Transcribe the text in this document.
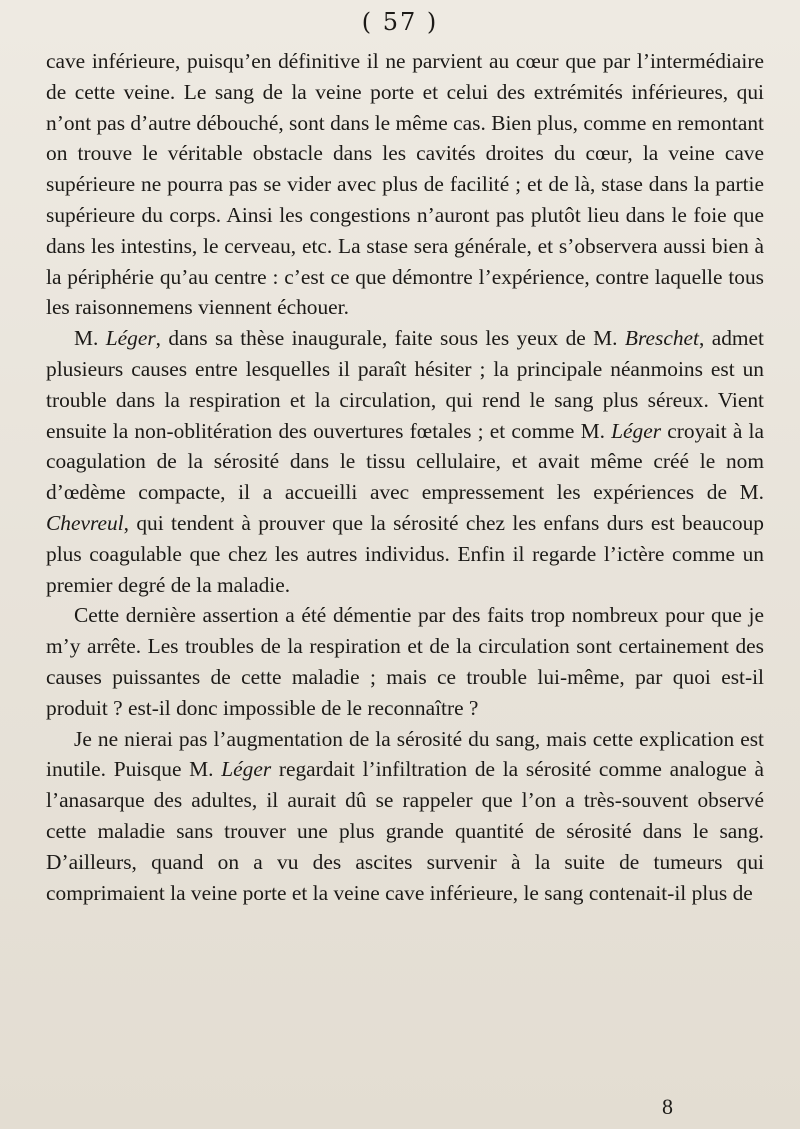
( 57 )

cave inférieure, puisqu’en définitive il ne parvient au cœur que par l’intermédiaire de cette veine. Le sang de la veine porte et celui des extrémités inférieures, qui n’ont pas d’autre débouché, sont dans le même cas. Bien plus, comme en remontant on trouve le véritable obstacle dans les cavités droites du cœur, la veine cave supérieure ne pourra pas se vider avec plus de facilité ; et de là, stase dans la partie supérieure du corps. Ainsi les congestions n’auront pas plutôt lieu dans le foie que dans les intestins, le cerveau, etc. La stase sera générale, et s’observera aussi bien à la périphérie qu’au centre : c’est ce que démontre l’expérience, contre laquelle tous les raisonnemens viennent échouer.

M. Léger, dans sa thèse inaugurale, faite sous les yeux de M. Breschet, admet plusieurs causes entre lesquelles il paraît hésiter ; la principale néanmoins est un trouble dans la respiration et la circulation, qui rend le sang plus séreux. Vient ensuite la non-oblitération des ouvertures fœtales ; et comme M. Léger croyait à la coagulation de la sérosité dans le tissu cellulaire, et avait même créé le nom d’œdème compacte, il a accueilli avec empressement les expériences de M. Chevreul, qui tendent à prouver que la sérosité chez les enfans durs est beaucoup plus coagulable que chez les autres individus. Enfin il regarde l’ictère comme un premier degré de la maladie.

Cette dernière assertion a été démentie par des faits trop nombreux pour que je m’y arrête. Les troubles de la respiration et de la circulation sont certainement des causes puissantes de cette maladie ; mais ce trouble lui-même, par quoi est-il produit ? est-il donc impossible de le reconnaître ?

Je ne nierai pas l’augmentation de la sérosité du sang, mais cette explication est inutile. Puisque M. Léger regardait l’infiltration de la sérosité comme analogue à l’anasarque des adultes, il aurait dû se rappeler que l’on a très-souvent observé cette maladie sans trouver une plus grande quantité de sérosité dans le sang. D’ailleurs, quand on a vu des ascites survenir à la suite de tumeurs qui comprimaient la veine porte et la veine cave inférieure, le sang contenait-il plus de

8
